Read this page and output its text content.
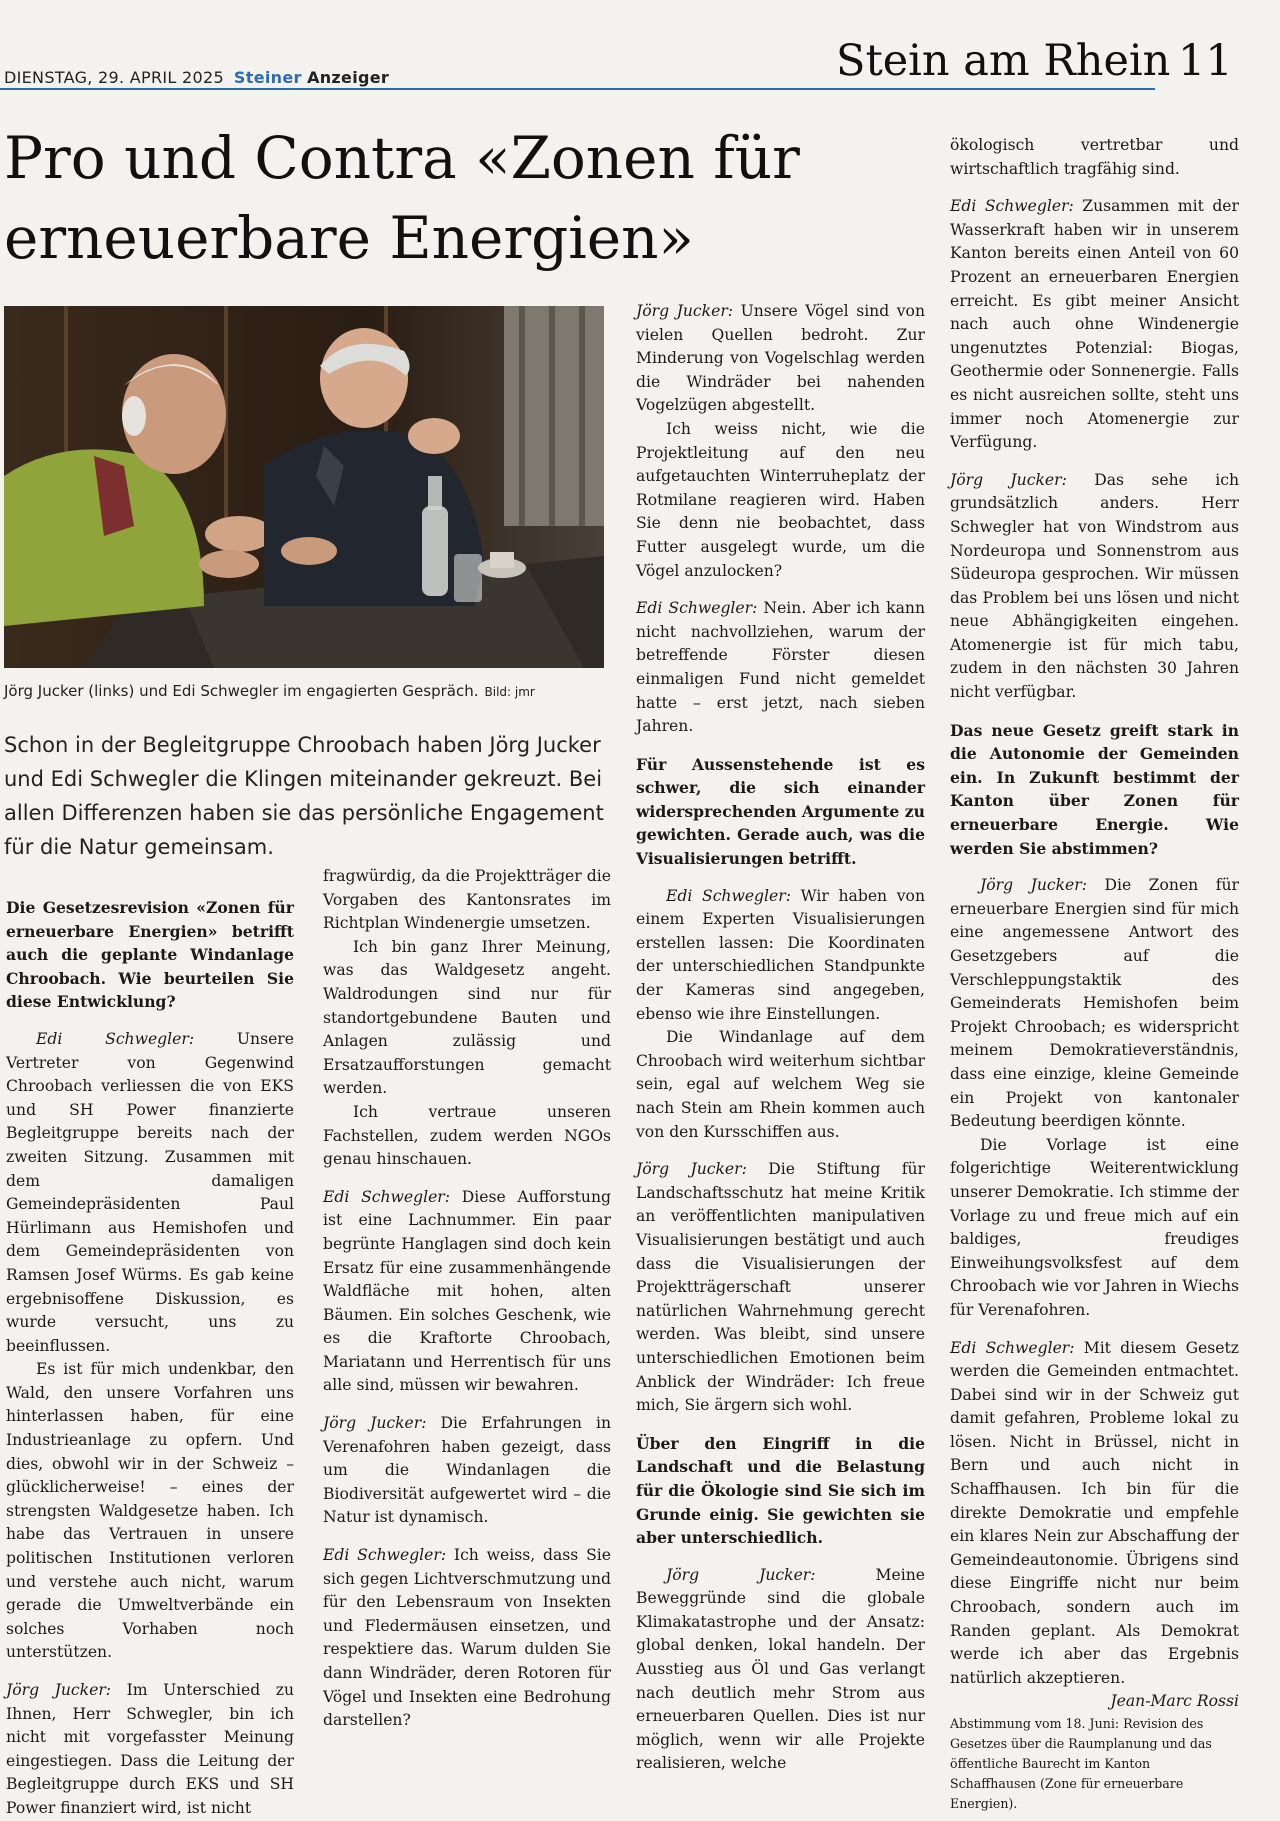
DIENSTAG, 29. APRIL 2025 Steiner Anzeiger	Stein am Rhein 11
Pro und Contra «Zonen für erneuerbare Energien»
Jörg Jucker (links) und Edi Schwegler im engagierten Gespräch. Bild: jmr

Schon in der Begleitgruppe Chroobach haben Jörg Jucker und Edi Schwegler die Klingen miteinander gekreuzt. Bei allen Differenzen haben sie das persönliche Engagement für die Natur gemeinsam.

Die Gesetzesrevision «Zonen für erneuerbare Energien» betrifft auch die geplante Windanlage Chroobach. Wie beurteilen Sie diese Entwicklung?

Edi Schwegler: Unsere Vertreter von Gegenwind Chroobach verliessen die von EKS und SH Power finanzierte Begleitgruppe bereits nach der zweiten Sitzung. Zusammen mit dem damaligen Gemeindepräsidenten Paul Hürlimann aus Hemishofen und dem Gemeindepräsidenten von Ramsen Josef Würms. Es gab keine ergebnisoffene Diskussion, es wurde versucht, uns zu beeinflussen.

Es ist für mich undenkbar, den Wald, den unsere Vorfahren uns hinterlassen haben, für eine Industrieanlage zu opfern. Und dies, obwohl wir in der Schweiz – glücklicherweise! – eines der strengsten Waldgesetze haben. Ich habe das Vertrauen in unsere politischen Institutionen verloren und verstehe auch nicht, warum gerade die Umweltverbände ein solches Vorhaben noch unterstützen.

Jörg Jucker: Im Unterschied zu Ihnen, Herr Schwegler, bin ich nicht mit vorgefasster Meinung eingestiegen. Dass die Leitung der Begleitgruppe durch EKS und SH Power finanziert wird, ist nicht

fragwürdig, da die Projektträger die Vorgaben des Kantonsrates im Richtplan Windenergie umsetzen.

Ich bin ganz Ihrer Meinung, was das Waldgesetz angeht. Waldrodungen sind nur für standortgebundene Bauten und Anlagen zulässig und Ersatzaufforstungen gemacht werden.

Ich vertraue unseren Fachstellen, zudem werden NGOs genau hinschauen.

Edi Schwegler: Diese Aufforstung ist eine Lachnummer. Ein paar begrünte Hanglagen sind doch kein Ersatz für eine zusammenhängende Waldfläche mit hohen, alten Bäumen. Ein solches Geschenk, wie es die Kraftorte Chroobach, Mariatann und Herrentisch für uns alle sind, müssen wir bewahren.

Jörg Jucker: Die Erfahrungen in Verenafohren haben gezeigt, dass um die Windanlagen die Biodiversität aufgewertet wird – die Natur ist dynamisch.

Edi Schwegler: Ich weiss, dass Sie sich gegen Lichtverschmutzung und für den Lebensraum von Insekten und Fledermäusen einsetzen, und respektiere das. Warum dulden Sie dann Windräder, deren Rotoren für Vögel und Insekten eine Bedrohung darstellen?

Jörg Jucker: Unsere Vögel sind von vielen Quellen bedroht. Zur Minderung von Vogelschlag werden die Windräder bei nahenden Vogelzügen abgestellt.

Ich weiss nicht, wie die Projektleitung auf den neu aufgetauchten Winterruheplatz der Rotmilane reagieren wird. Haben Sie denn nie beobachtet, dass Futter ausgelegt wurde, um die Vögel anzulocken?

Edi Schwegler: Nein. Aber ich kann nicht nachvollziehen, warum der betreffende Förster diesen einmaligen Fund nicht gemeldet hatte – erst jetzt, nach sieben Jahren.

Für Aussenstehende ist es schwer, die sich einander widersprechenden Argumente zu gewichten. Gerade auch, was die Visualisierungen betrifft.

Edi Schwegler: Wir haben von einem Experten Visualisierungen erstellen lassen: Die Koordinaten der unterschiedlichen Standpunkte der Kameras sind angegeben, ebenso wie ihre Einstellungen.

Die Windanlage auf dem Chroobach wird weiterhum sichtbar sein, egal auf welchem Weg sie nach Stein am Rhein kommen auch von den Kursschiffen aus.

Jörg Jucker: Die Stiftung für Landschaftsschutz hat meine Kritik an veröffentlichten manipulativen Visualisierungen bestätigt und auch dass die Visualisierungen der Projektträgerschaft unserer natürlichen Wahrnehmung gerecht werden. Was bleibt, sind unsere unterschiedlichen Emotionen beim Anblick der Windräder: Ich freue mich, Sie ärgern sich wohl.

Über den Eingriff in die Landschaft und die Belastung für die Ökologie sind Sie sich im Grunde einig. Sie gewichten sie aber unterschiedlich.

Jörg Jucker: Meine Beweggründe sind die globale Klimakatastrophe und der Ansatz: global denken, lokal handeln. Der Ausstieg aus Öl und Gas verlangt nach deutlich mehr Strom aus erneuerbaren Quellen. Dies ist nur möglich, wenn wir alle Projekte realisieren, welche

ökologisch vertretbar und wirtschaftlich tragfähig sind.

Edi Schwegler: Zusammen mit der Wasserkraft haben wir in unserem Kanton bereits einen Anteil von 60 Prozent an erneuerbaren Energien erreicht. Es gibt meiner Ansicht nach auch ohne Windenergie ungenutztes Potenzial: Biogas, Geothermie oder Sonnenergie. Falls es nicht ausreichen sollte, steht uns immer noch Atomenergie zur Verfügung.

Jörg Jucker: Das sehe ich grundsätzlich anders. Herr Schwegler hat von Windstrom aus Nordeuropa und Sonnenstrom aus Südeuropa gesprochen. Wir müssen das Problem bei uns lösen und nicht neue Abhängigkeiten eingehen. Atomenergie ist für mich tabu, zudem in den nächsten 30 Jahren nicht verfügbar.

Das neue Gesetz greift stark in die Autonomie der Gemeinden ein. In Zukunft bestimmt der Kanton über Zonen für erneuerbare Energie. Wie werden Sie abstimmen?

Jörg Jucker: Die Zonen für erneuerbare Energien sind für mich eine angemessene Antwort des Gesetzgebers auf die Verschleppungstaktik des Gemeinderats Hemishofen beim Projekt Chroobach; es widerspricht meinem Demokratieverständnis, dass eine einzige, kleine Gemeinde ein Projekt von kantonaler Bedeutung beerdigen könnte.

Die Vorlage ist eine folgerichtige Weiterentwicklung unserer Demokratie. Ich stimme der Vorlage zu und freue mich auf ein baldiges, freudiges Einweihungsvolksfest auf dem Chroobach wie vor Jahren in Wiechs für Verenafohren.

Edi Schwegler: Mit diesem Gesetz werden die Gemeinden entmachtet. Dabei sind wir in der Schweiz gut damit gefahren, Probleme lokal zu lösen. Nicht in Brüssel, nicht in Bern und auch nicht in Schaffhausen. Ich bin für die direkte Demokratie und empfehle ein klares Nein zur Abschaffung der Gemeindeautonomie. Übrigens sind diese Eingriffe nicht nur beim Chroobach, sondern auch im Randen geplant. Als Demokrat werde ich aber das Ergebnis natürlich akzeptieren.

Jean-Marc Rossi

Abstimmung vom 18. Juni: Revision des Gesetzes über die Raumplanung und das öffentliche Baurecht im Kanton Schaffhausen (Zone für erneuerbare Energien).
